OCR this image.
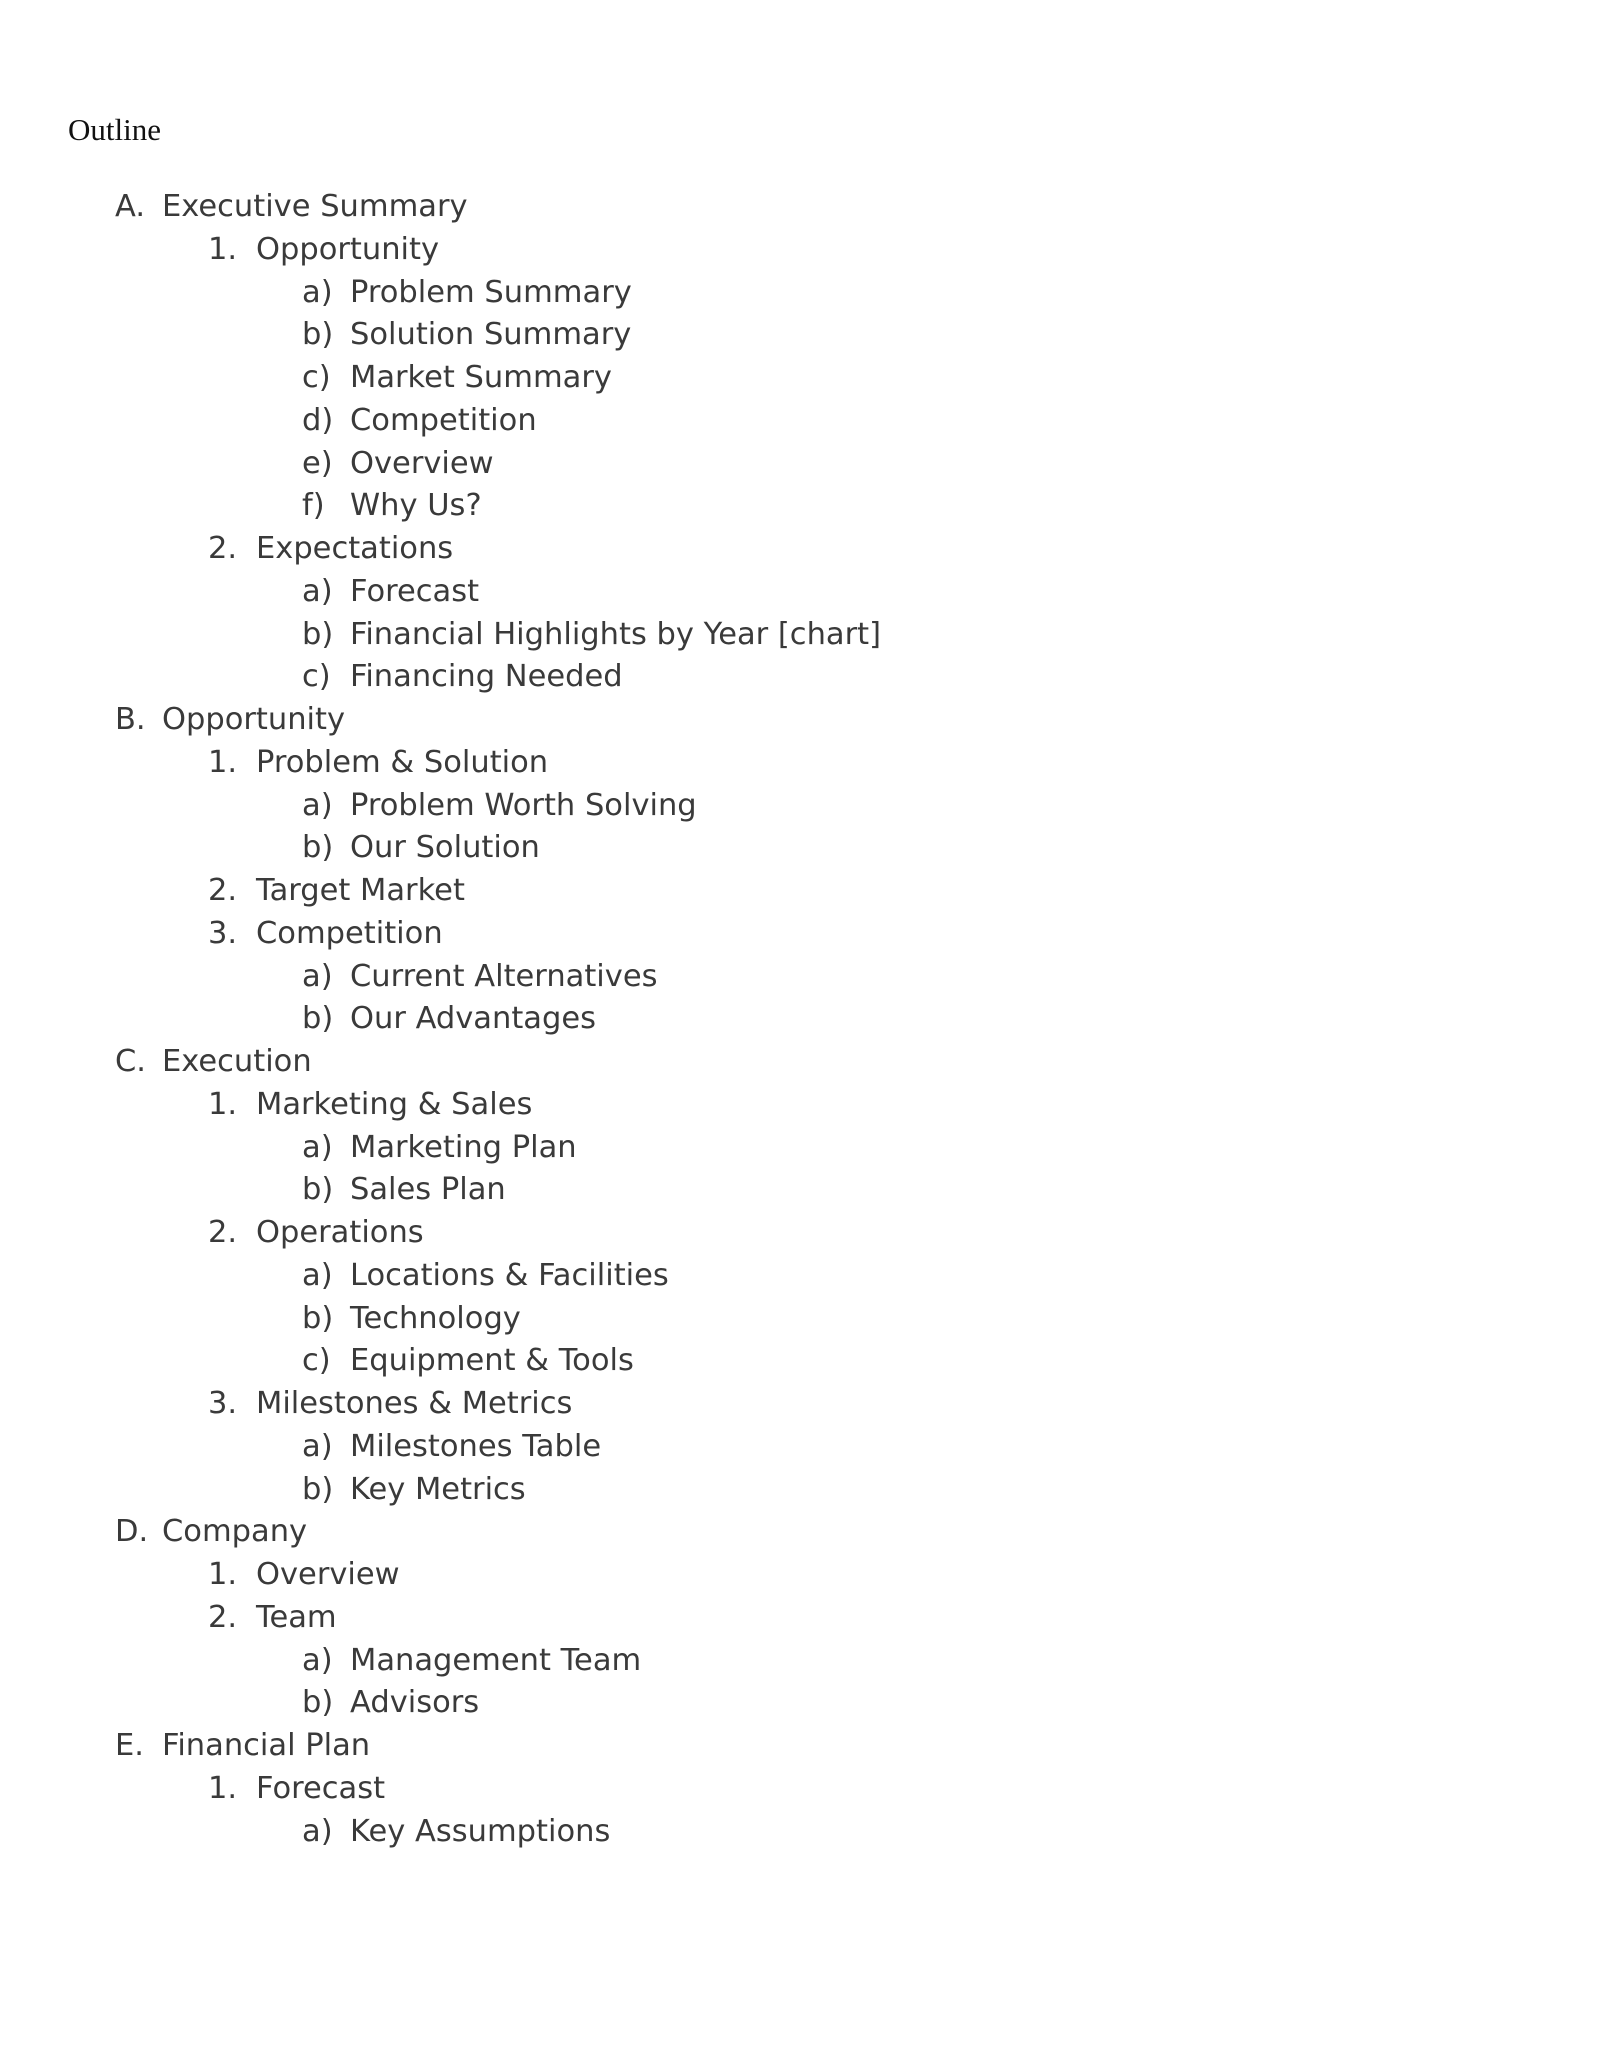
Outline
A. Executive Summary
1. Opportunity
a) Problem Summary
b) Solution Summary
c) Market Summary
d) Competition
e) Overview
f) Why Us?
2. Expectations
a) Forecast
b) Financial Highlights by Year [chart]
c) Financing Needed
B. Opportunity
1. Problem & Solution
a) Problem Worth Solving
b) Our Solution
2. Target Market
3. Competition
a) Current Alternatives
b) Our Advantages
C. Execution
1. Marketing & Sales
a) Marketing Plan
b) Sales Plan
2. Operations
a) Locations & Facilities
b) Technology
c) Equipment & Tools
3. Milestones & Metrics
a) Milestones Table
b) Key Metrics
D. Company
1. Overview
2. Team
a) Management Team
b) Advisors
E. Financial Plan
1. Forecast
a) Key Assumptions
